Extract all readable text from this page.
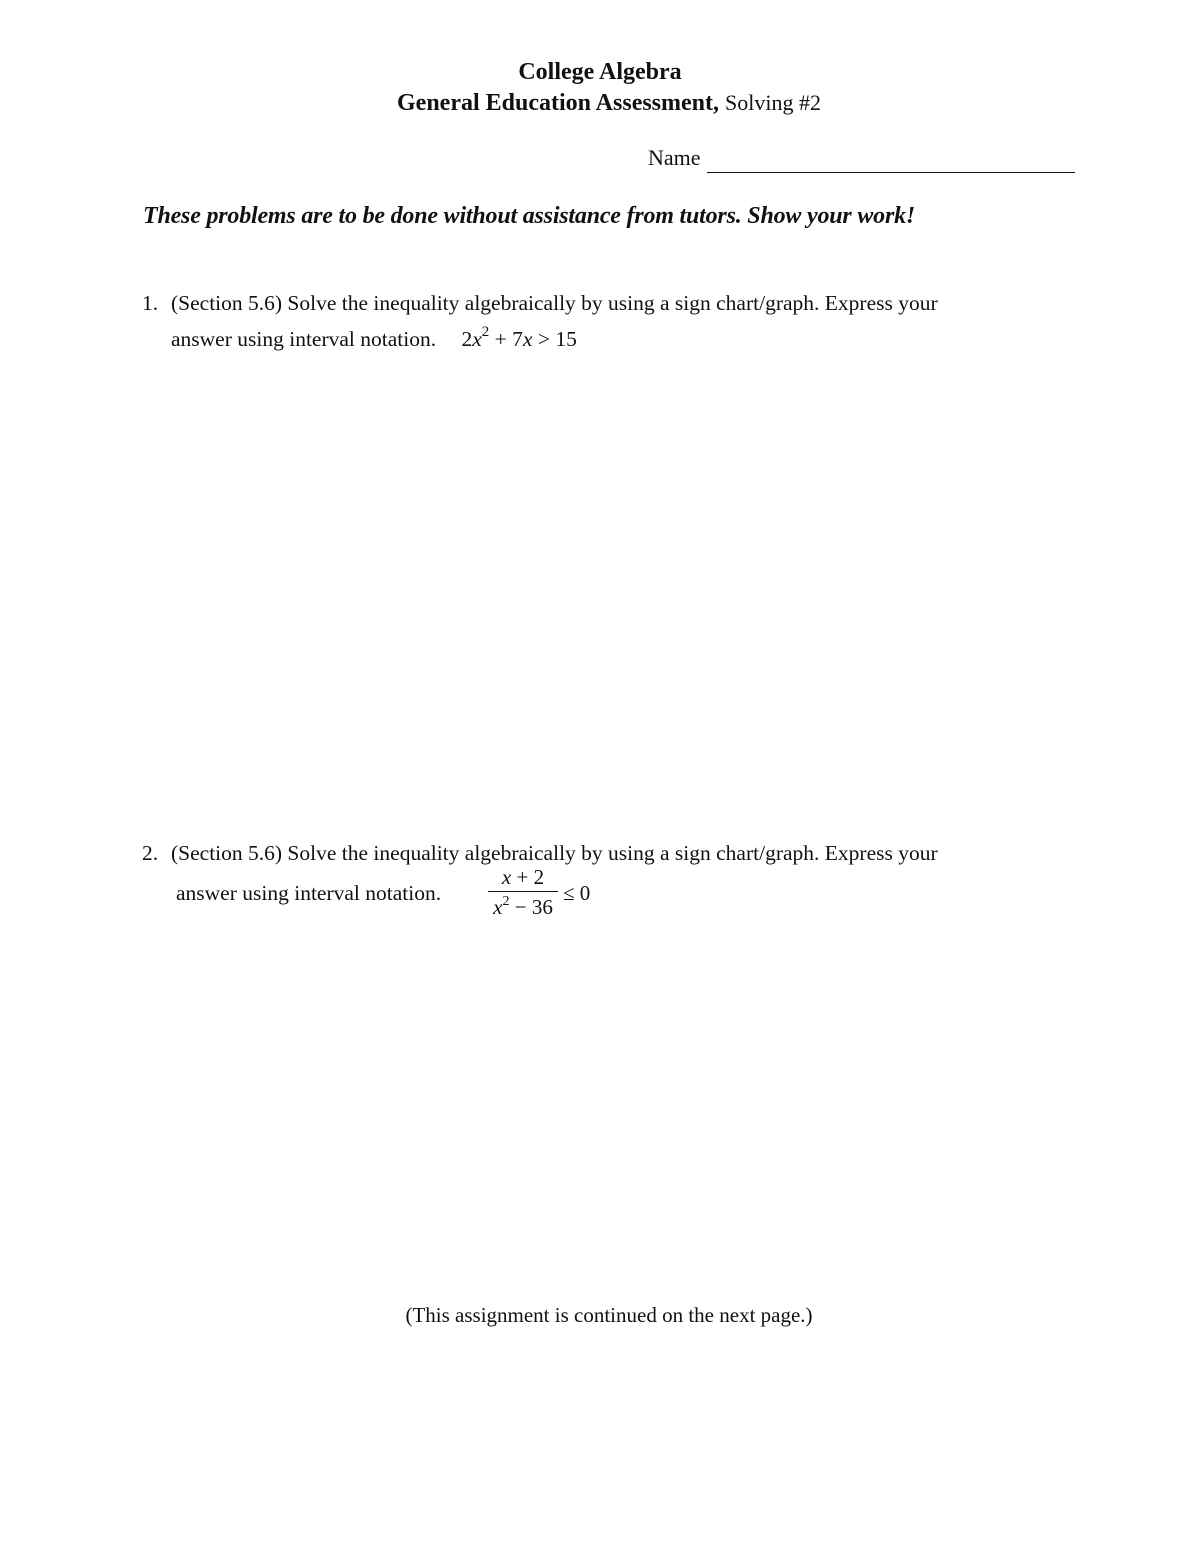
College Algebra
General Education Assessment, Solving #2
Name
These problems are to be done without assistance from tutors. Show your work!
1. (Section 5.6) Solve the inequality algebraically by using a sign chart/graph. Express your
answer using interval notation. $2x^2 + 7x > 15$
2. (Section 5.6) Solve the inequality algebraically by using a sign chart/graph. Express your
answer using interval notation.
x + 2
$x^2 - 36$
≤ 0
(This assignment is continued on the next page.)
